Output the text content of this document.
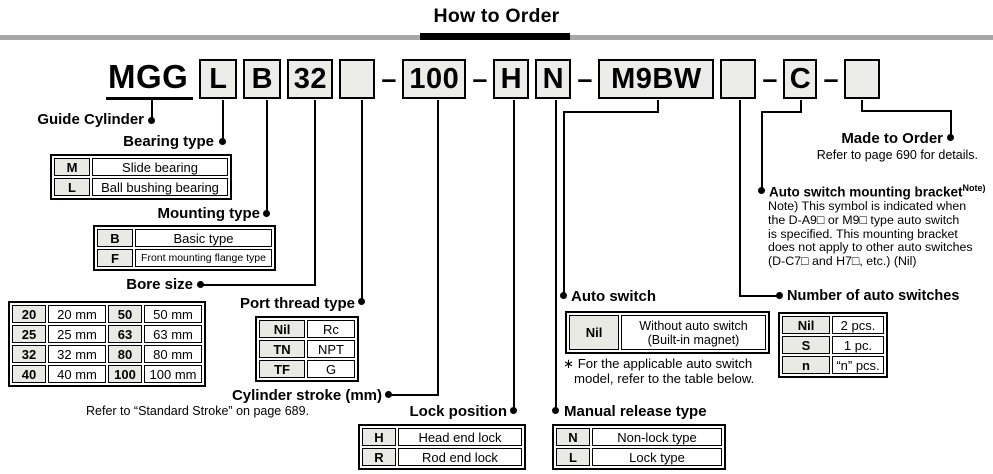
How to Order
MGG L B 32 – 100 – H N – M9BW	– C –
Guide Cylinder
Bearing type
Mounting type
Bore size
Port thread type
Cylinder stroke (mm)
Refer to “Standard Stroke” on page 689.	Lock position	Manual release type
Auto switch	Number of auto switches
Auto switch mounting bracket$^{Note)}$
Note) This symbol is indicated when
the D-A9□ or M9□ type auto switch
is specified. This mounting bracket
does not apply to other auto switches
(D-C7□ and H7□, etc.) (Nil)
Made to Order
Refer to page 690 for details.
M	Slide bearing
L	Ball bushing bearing
B	Basic type
F	Front mounting flange type
20	20 mm	50	50 mm
25	25 mm	63	63 mm
32	32 mm	80	80 mm
40	40 mm	100	100 mm
Nil	Rc
TN	NPT
TF	G
H	Head end lock
R	Rod end lock
N	Non-lock type
L	Lock type
Nil	Without auto switch
(Built-in magnet)
∗ For the applicable auto switch
model, refer to the table below.
Nil	2 pcs.
S	1 pc.
n	“n” pcs.
